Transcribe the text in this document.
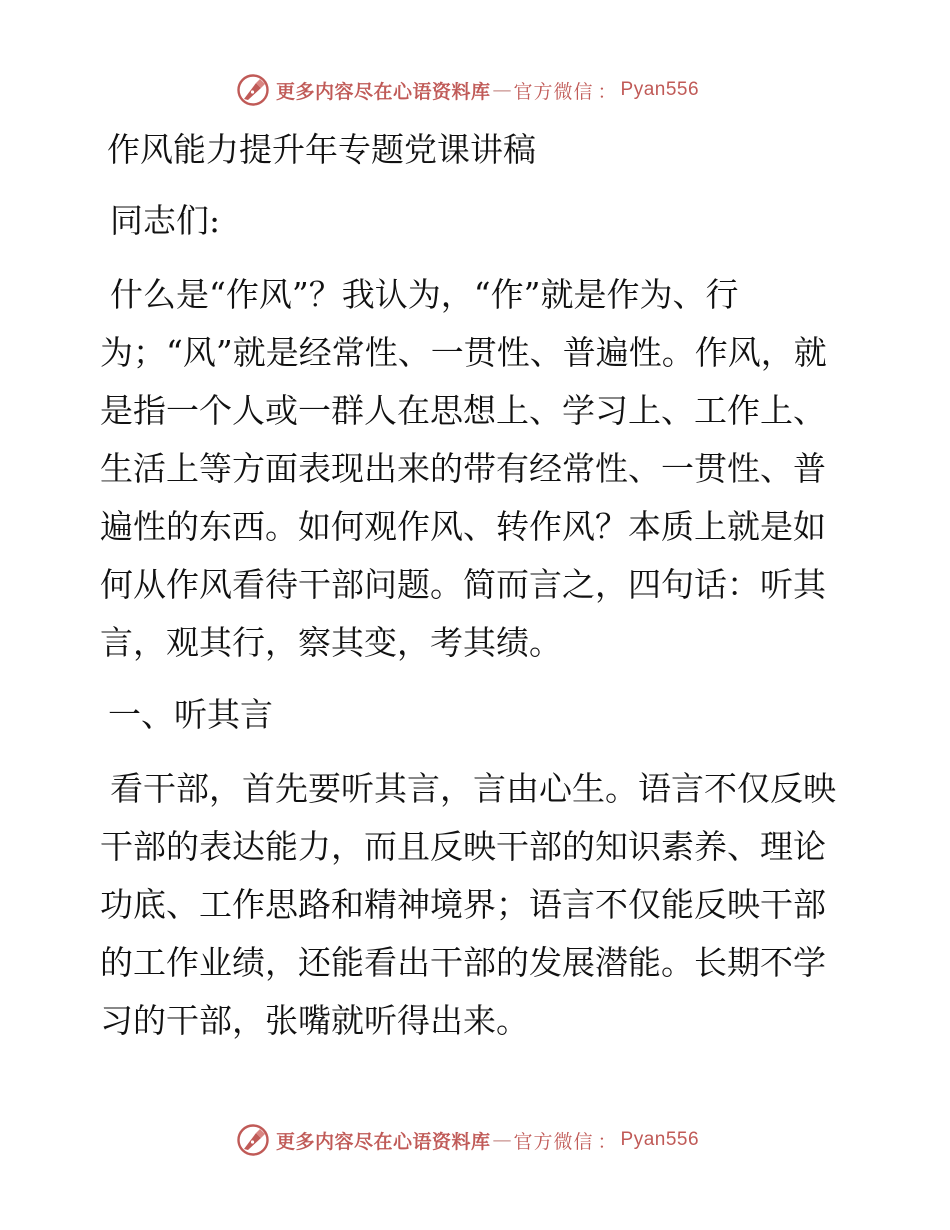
更多内容尽在心语资料库 — 官方微信 ： Pyan556

作风能力提升年专题党课讲稿

同志们:

什么是“作风”？我认为，“作”就是作为、行为；“风”就是经常性、一贯性、普遍性。作风，就是指一个人或一群人在思想上、学习上、工作上、生活上等方面表现出来的带有经常性、一贯性、普遍性的东西。如何观作风、转作风？本质上就是如何从作风看待干部问题。简而言之，四句话：听其言，观其行，察其变，考其绩。

一、听其言

看干部，首先要听其言，言由心生。语言不仅反映干部的表达能力，而且反映干部的知识素养、理论功底、工作思路和精神境界；语言不仅能反映干部的工作业绩，还能看出干部的发展潜能。长期不学习的干部，张嘴就听得出来。

更多内容尽在心语资料库 — 官方微信 ： Pyan556
